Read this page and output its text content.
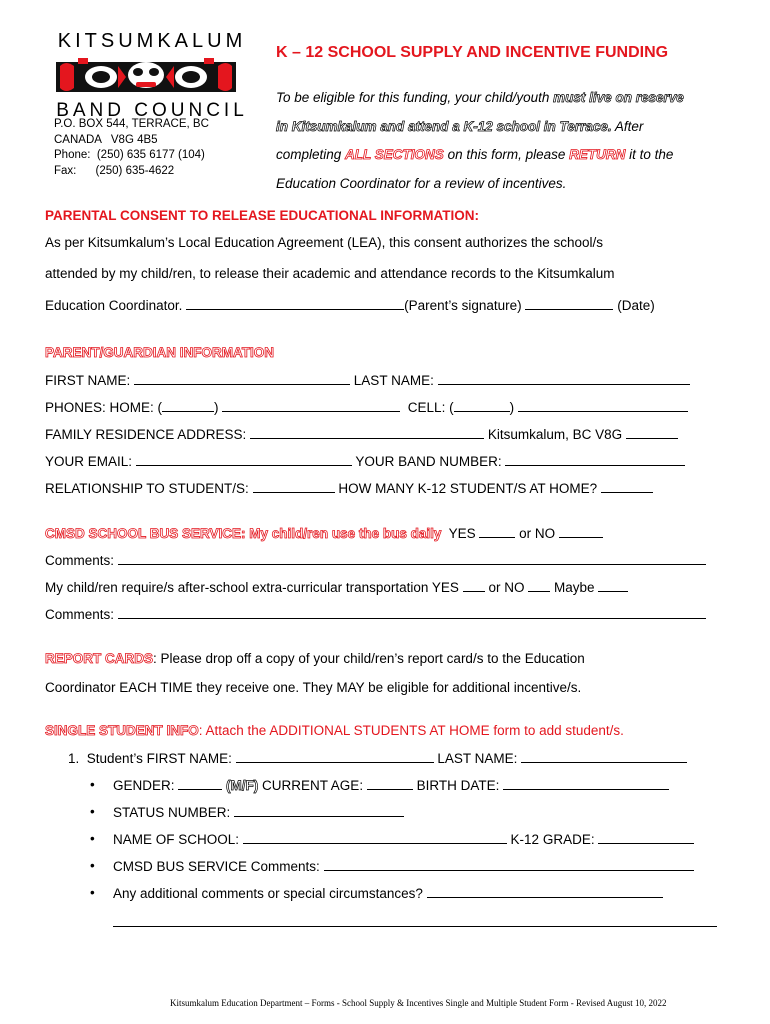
KITSUMKALUM
BAND COUNCIL
P.O. BOX 544, TERRACE, BC
CANADA   V8G 4B5
Phone:  (250) 635 6177 (104)
Fax:      (250) 635-4622
K – 12 SCHOOL SUPPLY AND INCENTIVE FUNDING
To be eligible for this funding, your child/youth must live on reserve
in Kitsumkalum and attend a K-12 school in Terrace. After
completing ALL SECTIONS on this form, please RETURN it to the
Education Coordinator for a review of incentives.
PARENTAL CONSENT TO RELEASE EDUCATIONAL INFORMATION:
As per Kitsumkalum’s Local Education Agreement (LEA), this consent authorizes the school/s
attended by my child/ren, to release their academic and attendance records to the Kitsumkalum
Education Coordinator.	(Parent’s signature)	(Date)
PARENT/GUARDIAN INFORMATION
FIRST NAME:	LAST NAME:
PHONES: HOME: (	)	CELL: (	)
FAMILY RESIDENCE ADDRESS:	Kitsumkalum, BC V8G
YOUR EMAIL:	YOUR BAND NUMBER:
RELATIONSHIP TO STUDENT/S:	HOW MANY K-12 STUDENT/S AT HOME?
CMSD SCHOOL BUS SERVICE: My child/ren use the bus daily YES	or NO
Comments:
My child/ren require/s after-school extra-curricular transportation YES or NO Maybe
Comments:
REPORT CARDS: Please drop off a copy of your child/ren’s report card/s to the Education
Coordinator EACH TIME they receive one. They MAY be eligible for additional incentive/s.
SINGLE STUDENT INFO: Attach the ADDITIONAL STUDENTS AT HOME form to add student/s.
1. Student’s FIRST NAME:	LAST NAME:
• GENDER:	(M/F) CURRENT AGE:	BIRTH DATE:
• STATUS NUMBER:
• NAME OF SCHOOL:	K-12 GRADE:
• CMSD BUS SERVICE Comments:
• Any additional comments or special circumstances?
Kitsumkalum Education Department – Forms - School Supply & Incentives Single and Multiple Student Form - Revised August 10, 2022
